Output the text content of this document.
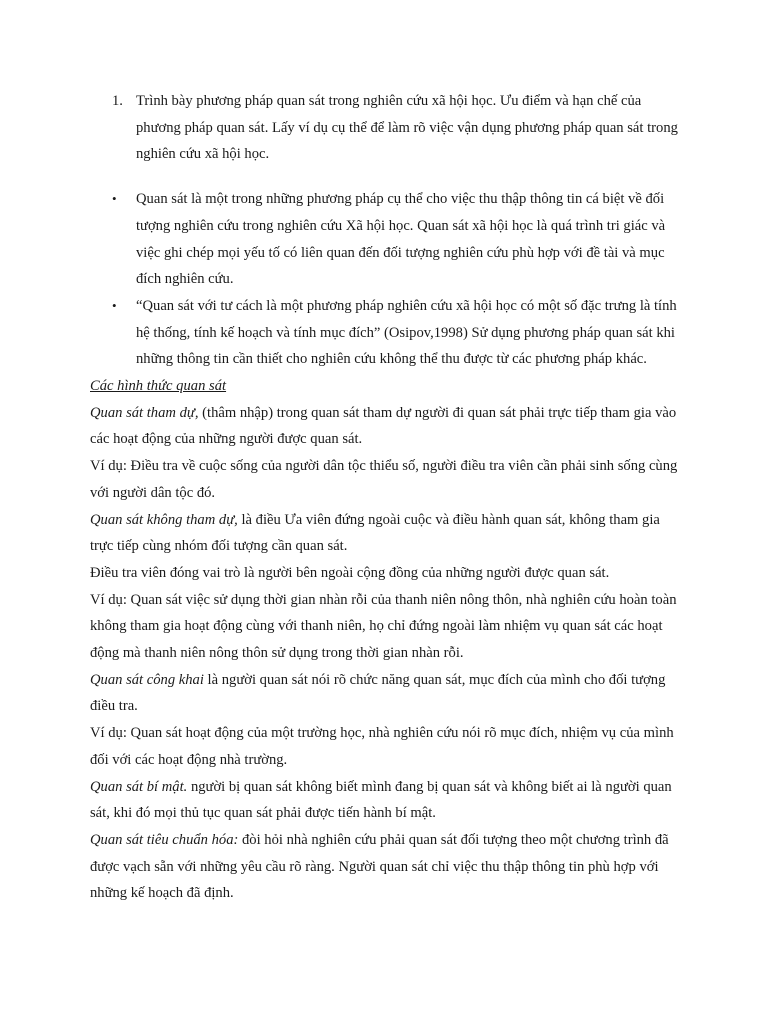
1. Trình bày phương pháp quan sát trong nghiên cứu xã hội học. Ưu điểm và hạn chế của phương pháp quan sát. Lấy ví dụ cụ thể để làm rõ việc vận dụng phương pháp quan sát trong nghiên cứu xã hội học.
•	Quan sát là một trong những phương pháp cụ thể cho việc thu thập thông tin cá biệt về đối tượng nghiên cứu trong nghiên cứu Xã hội học. Quan sát xã hội học là quá trình tri giác và việc ghi chép mọi yếu tố có liên quan đến đối tượng nghiên cứu phù hợp với đề tài và mục đích nghiên cứu.
•	“Quan sát với tư cách là một phương pháp nghiên cứu xã hội học có một số đặc trưng là tính hệ thống, tính kế hoạch và tính mục đích” (Osipov,1998) Sử dụng phương pháp quan sát khi những thông tin cần thiết cho nghiên cứu không thể thu được từ các phương pháp khác.

Các hình thức quan sát

Quan sát tham dự, (thâm nhập) trong quan sát tham dự người đi quan sát phải trực tiếp tham gia vào các hoạt động của những người được quan sát.

Ví dụ: Điều tra về cuộc sống của người dân tộc thiểu số, người điều tra viên cần phải sinh sống cùng với người dân tộc đó.

Quan sát không tham dự, là điều Ưa viên đứng ngoài cuộc và điều hành quan sát, không tham gia trực tiếp cùng nhóm đối tượng cần quan sát.

Điều tra viên đóng vai trò là người bên ngoài cộng đồng của những người được quan sát.

Ví dụ: Quan sát việc sử dụng thời gian nhàn rỗi của thanh niên nông thôn, nhà nghiên cứu hoàn toàn không tham gia hoạt động cùng với thanh niên, họ chỉ đứng ngoài làm nhiệm vụ quan sát các hoạt động mà thanh niên nông thôn sử dụng trong thời gian nhàn rỗi.

Quan sát công khai là người quan sát nói rõ chức năng quan sát, mục đích của mình cho đối tượng điều tra.

Ví dụ: Quan sát hoạt động của một trường học, nhà nghiên cứu nói rõ mục đích, nhiệm vụ của mình đối với các hoạt động nhà trường.

Quan sát bí mật. người bị quan sát không biết mình đang bị quan sát và không biết ai là người quan sát, khi đó mọi thủ tục quan sát phải được tiến hành bí mật.

Quan sát tiêu chuẩn hóa: đòi hỏi nhà nghiên cứu phải quan sát đối tượng theo một chương trình đã được vạch sẵn với những yêu cầu rõ ràng. Người quan sát chỉ việc thu thập thông tin phù hợp với những kế hoạch đã định.
